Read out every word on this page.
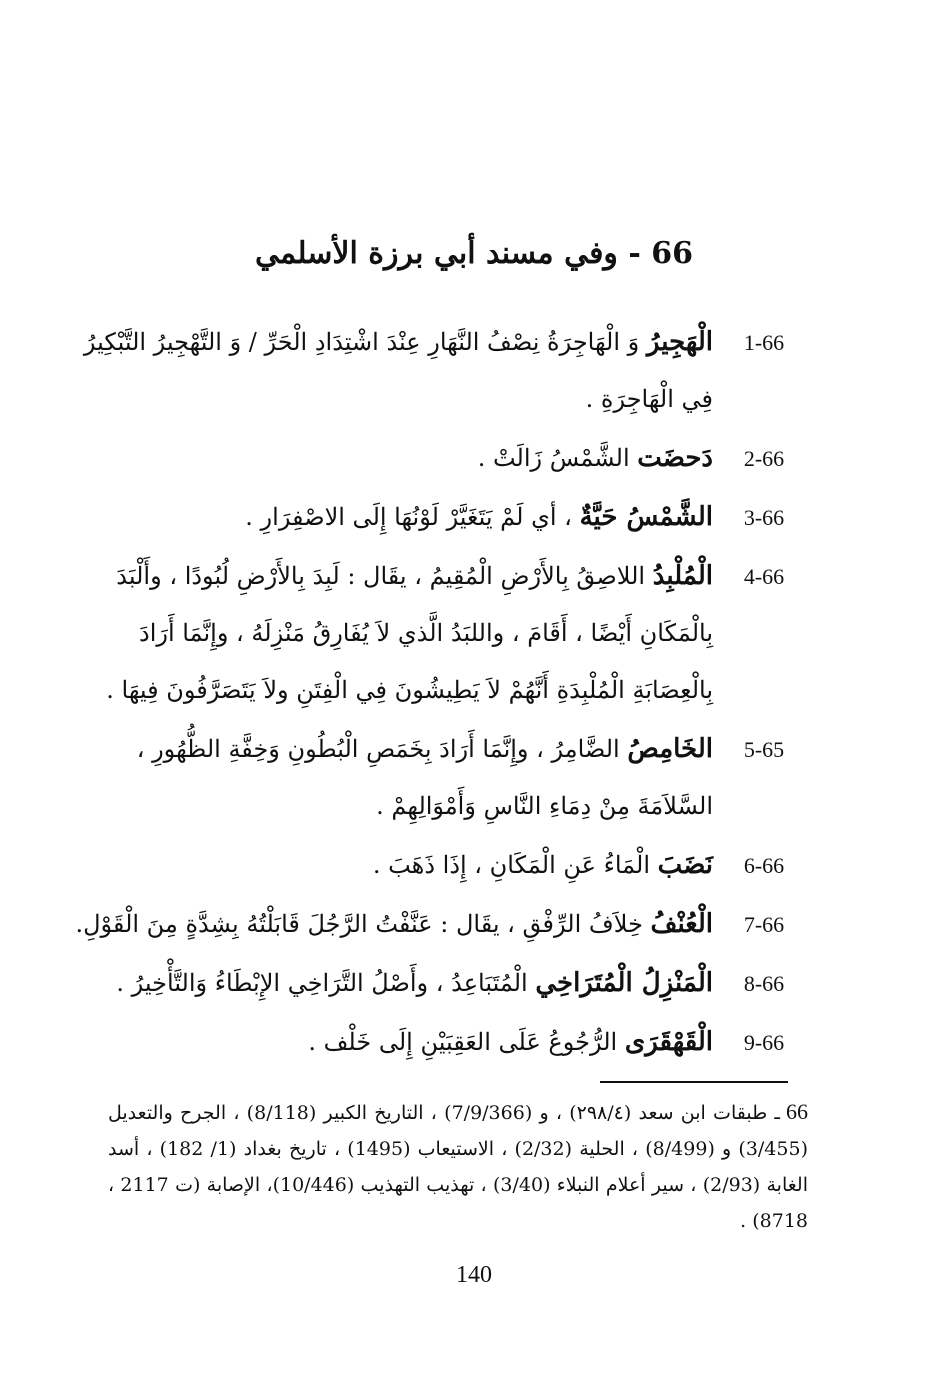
66 - وفي مسند أبي برزة الأسلمي
1-66
الْهَجِيرُ وَ الْهَاجِرَةُ نِصْفُ النَّهَارِ عِنْدَ اشْتِدَادِ الْحَرِّ / وَ التَّهْجِيرُ التَّبْكِيرُ فِي الْهَاجِرَةِ .
2-66
دَحضَت الشَّمْسُ زَالَتْ .
3-66
الشَّمْسُ حَيَّةٌ ، أي لَمْ يَتَغَيَّرْ لَوْنُهَا إِلَى الاصْفِرَارِ .
4-66
الْمُلْبِدُ اللاصِقُ بِالأَرْضِ الْمُقِيمُ ، يقَال : لَبِدَ بِالأَرْضِ لُبُودًا ، وأَلْبَدَ بِالْمَكَانِ أَيْضًا ، أَقَامَ ، واللبَدُ الَّذي لاَ يُفَارِقُ مَنْزِلَهُ ، وإِنَّمَا أَرَادَ بِالْعِصَابَةِ الْمُلْبِدَةِ أَنَّهُمْ لاَ يَطِيشُونَ فِي الْفِتَنِ ولاَ يَتَصَرَّفُونَ فِيهَا .
5-65
الخَامِصُ الضَّامِرُ ، وإِنَّمَا أَرَادَ بِخَمَصِ الْبُطُونِ وَخِفَّةِ الظُّهُورِ ، السَّلاَمَةَ مِنْ دِمَاءِ النَّاسِ وَأَمْوَالِهِمْ .
6-66
نَضَبَ الْمَاءُ عَنِ الْمَكَانِ ، إِذَا ذَهَبَ .
7-66
الْعُنْفُ خِلاَفُ الرِّفْقِ ، يقَال : عَنَّفْتُ الرَّجُلَ قَابَلْتُهُ بِشِدَّةٍ مِنَ الْقَوْلِ.
8-66
الْمَنْزِلُ الْمُتَرَاخِي الْمُتَبَاعِدُ ، وأَصْلُ التَّرَاخِي الإِبْطَاءُ وَالتَّأْخِيرُ .
9-66
الْقَهْقَرَى الرُّجُوعُ عَلَى العَقِبَيْنِ إِلَى خَلْف .
66ـ طبقات ابن سعد (٢٩٨/٤) ، و (7/9/366) ، التاريخ الكبير (8/118) ، الجرح والتعديل (3/455) و (8/499) ، الحلية (2/32) ، الاستيعاب (1495) ، تاريخ بغداد (1/ 182) ، أسد الغابة (2/93) ، سير أعلام النبلاء (3/40) ، تهذيب التهذيب (10/446)، الإصابة (ت 2117 ، 8718) .
140
